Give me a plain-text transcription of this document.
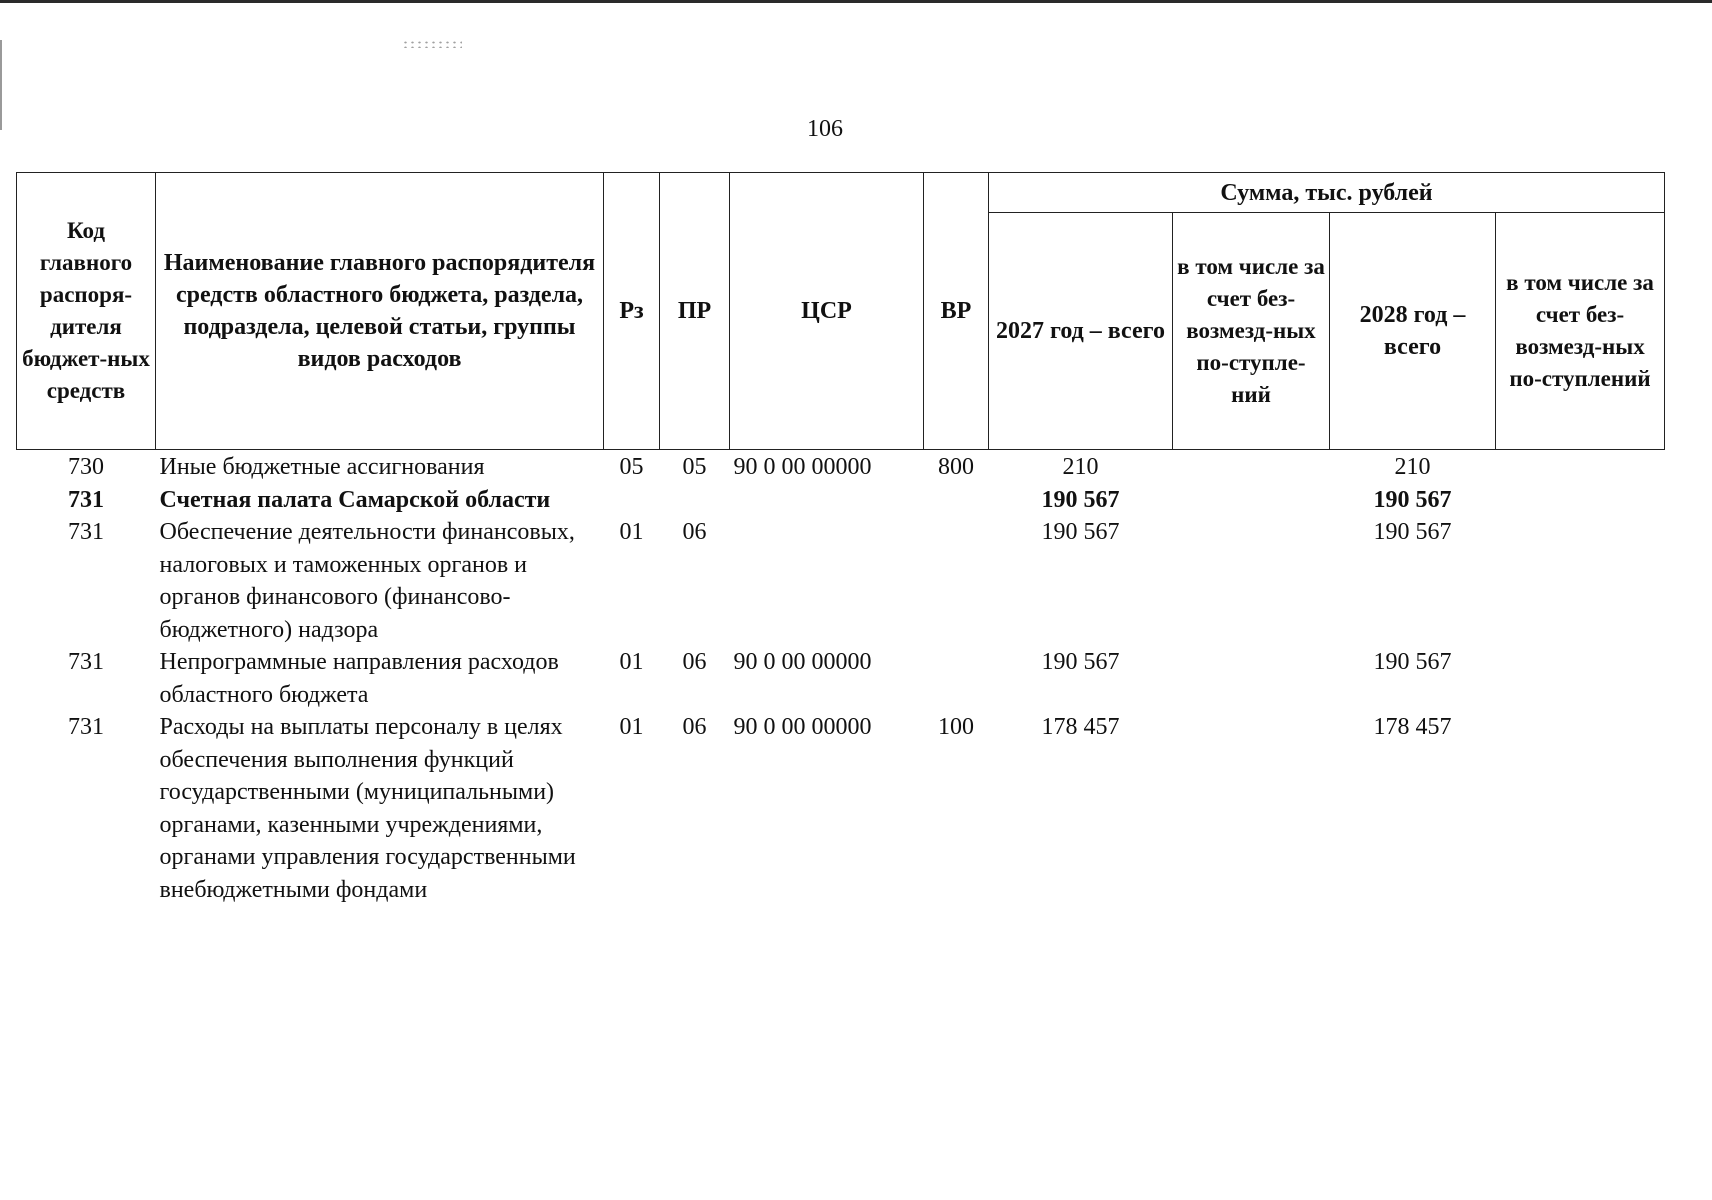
106
Код главного распоря-дителя бюджет-ных средств	Наименование главного распорядителя средств областного бюджета, раздела, подраздела, целевой статьи, группы видов расходов	Рз	ПР	ЦСР	ВР	Сумма, тыс. рублей			
						2027 год – всего	в том числе за счет без-возмезд-ных по-ступле-ний	2028 год – всего	в том числе за счет без-возмезд-ных по-ступлений
730	Иные бюджетные ассигнования	05	05	90 0 00 00000	800	210		210	
731	Счетная палата Самарской области					190 567		190 567	
731	Обеспечение деятельности финансовых, налоговых и таможенных органов и органов финансового (финансово-бюджетного) надзора	01	06			190 567		190 567	
731	Непрограммные направления расходов областного бюджета	01	06	90 0 00 00000		190 567		190 567	
731	Расходы на выплаты персоналу в целях обеспечения выполнения функций государственными (муниципальными) органами, казенными учреждениями, органами управления государственными внебюджетными фондами	01	06	90 0 00 00000	100	178 457		178 457	
